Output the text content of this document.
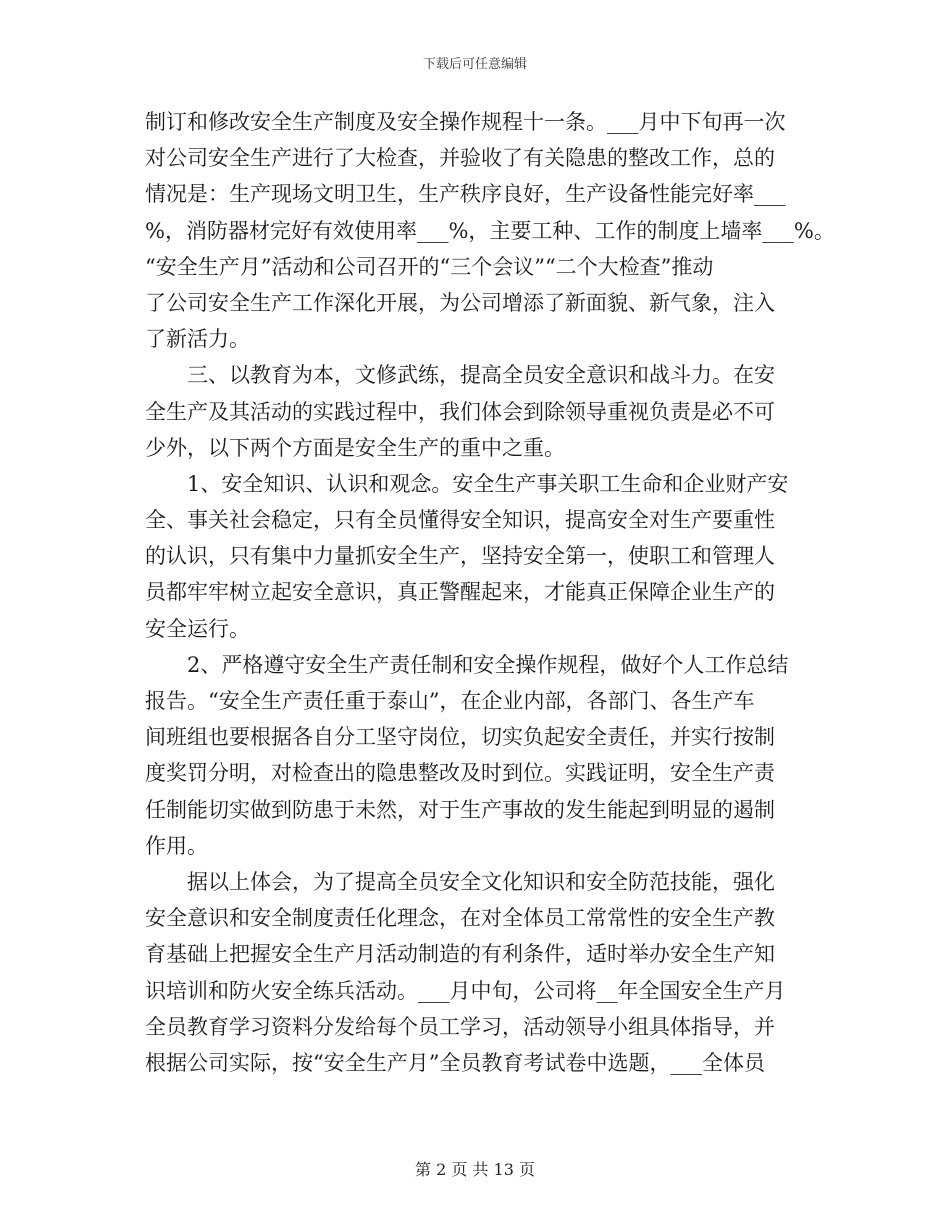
下载后可任意编辑
制订和修改安全生产制度及安全操作规程十一条。___月中下旬再一次
对公司安全生产进行了大检查，并验收了有关隐患的整改工作，总的
情况是：生产现场文明卫生，生产秩序良好，生产设备性能完好率___
%，消防器材完好有效使用率___%，主要工种、工作的制度上墙率___%。
“安全生产月”活动和公司召开的“三个会议”“二个大检查”推动
了公司安全生产工作深化开展，为公司增添了新面貌、新气象，注入
了新活力。
三、以教育为本，文修武练，提高全员安全意识和战斗力。在安
全生产及其活动的实践过程中，我们体会到除领导重视负责是必不可
少外，以下两个方面是安全生产的重中之重。
1、安全知识、认识和观念。安全生产事关职工生命和企业财产安
全、事关社会稳定，只有全员懂得安全知识，提高安全对生产要重性
的认识，只有集中力量抓安全生产，坚持安全第一，使职工和管理人
员都牢牢树立起安全意识，真正警醒起来，才能真正保障企业生产的
安全运行。
2、严格遵守安全生产责任制和安全操作规程，做好个人工作总结
报告。“安全生产责任重于泰山”，在企业内部，各部门、各生产车
间班组也要根据各自分工坚守岗位，切实负起安全责任，并实行按制
度奖罚分明，对检查出的隐患整改及时到位。实践证明，安全生产责
任制能切实做到防患于未然，对于生产事故的发生能起到明显的遏制
作用。
据以上体会，为了提高全员安全文化知识和安全防范技能，强化
安全意识和安全制度责任化理念，在对全体员工常常性的安全生产教
育基础上把握安全生产月活动制造的有利条件，适时举办安全生产知
识培训和防火安全练兵活动。___月中旬，公司将__年全国安全生产月
全员教育学习资料分发给每个员工学习，活动领导小组具体指导，并
根据公司实际，按“安全生产月”全员教育考试卷中选题，___全体员
第 2 页 共 13 页
